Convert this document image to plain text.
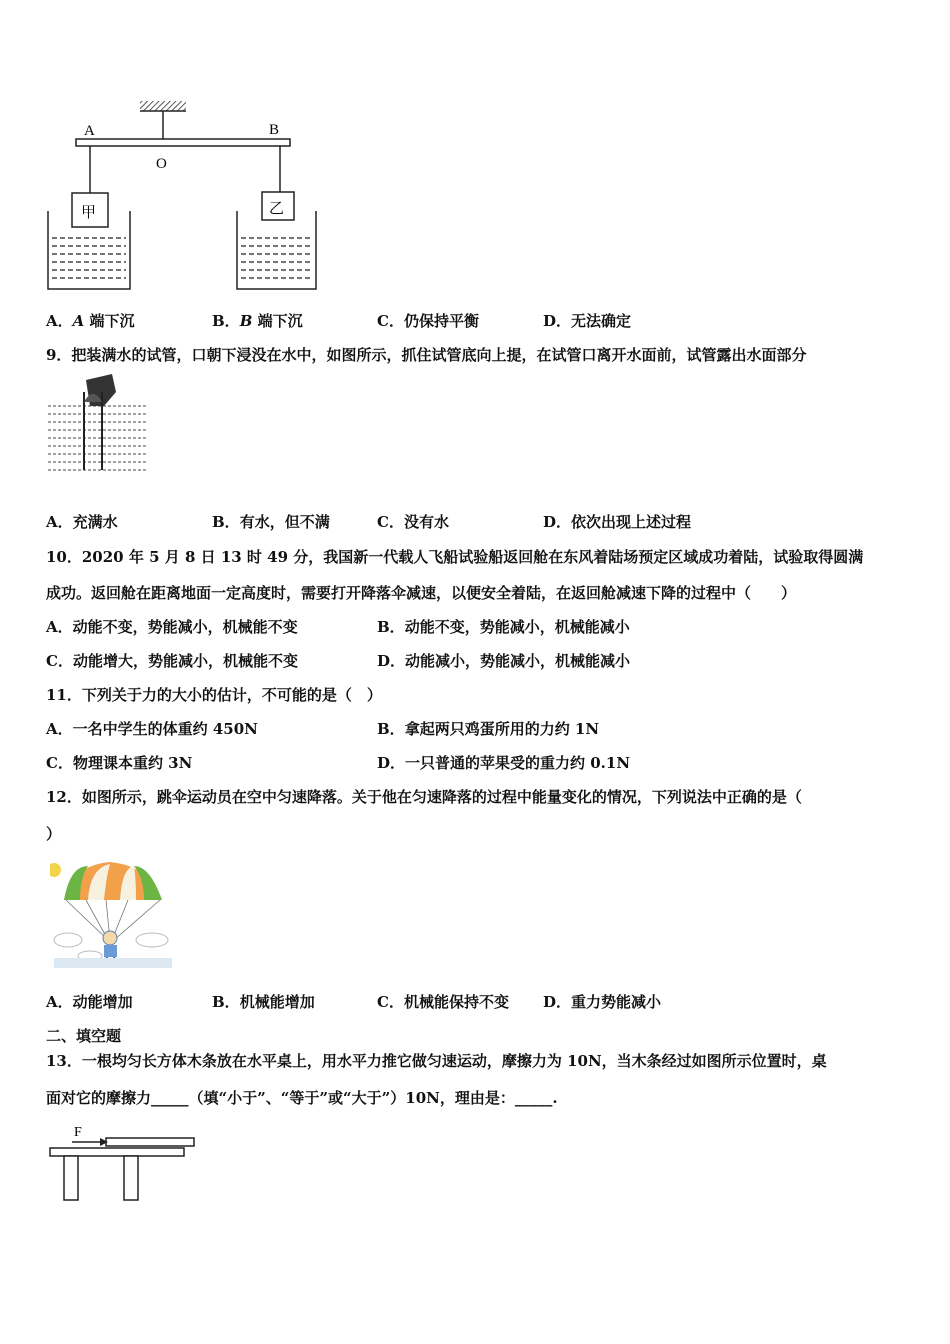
A	B
O
甲	乙
A．A 端下沉	B．B 端下沉	C．仍保持平衡	D．无法确定
9．把装满水的试管，口朝下浸没在水中，如图所示，抓住试管底向上提，在试管口离开水面前，试管露出水面部分
A．充满水	B．有水，但不满	C．没有水	D．依次出现上述过程
10．2020 年 5 月 8 日 13 时 49 分，我国新一代载人飞船试验船返回舱在东风着陆场预定区域成功着陆，试验取得圆满
成功。返回舱在距离地面一定高度时，需要打开降落伞减速，以便安全着陆，在返回舱减速下降的过程中（　　）
A．动能不变，势能减小，机械能不变	B．动能不变，势能减小，机械能减小
C．动能增大，势能减小，机械能不变	D．动能减小，势能减小，机械能减小
11．下列关于力的大小的估计，不可能的是（　）
A．一名中学生的体重约 450N	B．拿起两只鸡蛋所用的力约 1N
C．物理课本重约 3N	D．一只普通的苹果受的重力约 0.1N
12．如图所示，跳伞运动员在空中匀速降落。关于他在匀速降落的过程中能量变化的情况，下列说法中正确的是（
）
A．动能增加	B．机械能增加	C．机械能保持不变 D．重力势能减小
二、填空题
13．一根均匀长方体木条放在水平桌上，用水平力推它做匀速运动，摩擦力为 10N，当木条经过如图所示位置时，桌
面对它的摩擦力_____（填“小于”、“等于”或“大于”）10N，理由是：_____.
F
